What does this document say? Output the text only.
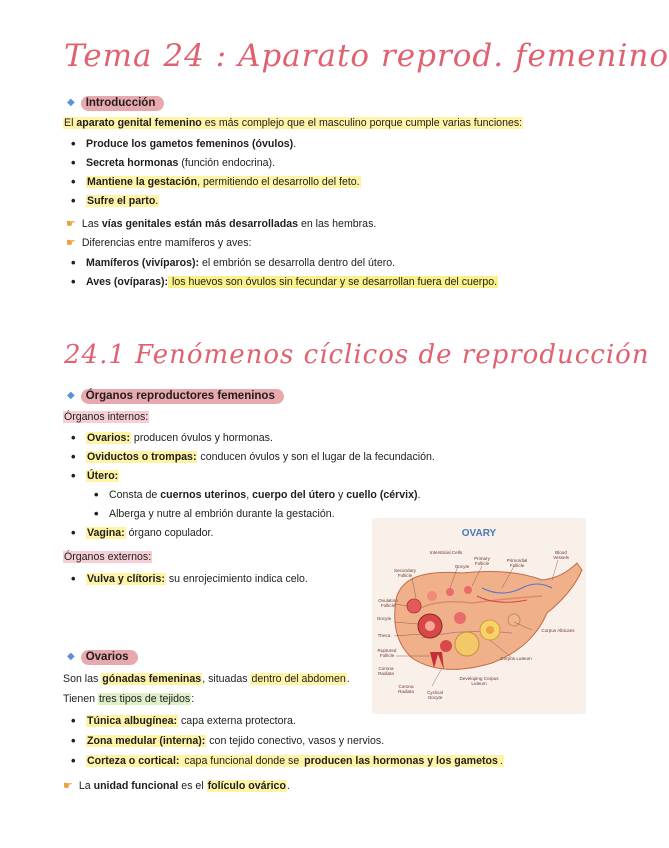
Tema 24 : Aparato reprod. femenino
◆ Introducción
El aparato genital femenino es más complejo que el masculino porque cumple varias funciones:
• Produce los gametos femeninos (óvulos).
• Secreta hormonas (función endocrina).
• Mantiene la gestación, permitiendo el desarrollo del feto.
• Sufre el parto.
☛ Las vías genitales están más desarrolladas en las hembras.
☛ Diferencias entre mamíferos y aves:
• Mamíferos (vivíparos): el embrión se desarrolla dentro del útero.
• Aves (ovíparas): los huevos son óvulos sin fecundar y se desarrollan fuera del cuerpo.
24.1 Fenómenos cíclicos de reproducción
◆ Órganos reproductores femeninos
Órganos internos:
• Ovarios: producen óvulos y hormonas.
• Oviductos o trompas: conducen óvulos y son el lugar de la fecundación.
• Útero:
• Consta de cuernos uterinos, cuerpo del útero y cuello (cérvix).
• Alberga y nutre al embrión durante la gestación.
• Vagina: órgano copulador.
Órganos externos:
• Vulva y clítoris: su enrojecimiento indica celo.
OVARY
Intersticial Cells
Oocyte
Primary Follicle
Primordial Follicle
Blood Vessels
Secondary Follicle
Ovulation Follicle
Oocyte
Theca
Ruptured Follicle
Corpus Albicans
Corpus Luteum
Developing Corpus Luteum
Corona Radiata	Cyclical Oocyte
Corona Radiata
◆ Ovarios
Son las gónadas femeninas, situadas dentro del abdomen.
Tienen tres tipos de tejidos:
• Túnica albugínea: capa externa protectora.
• Zona medular (interna): con tejido conectivo, vasos y nervios.
• Corteza o cortical: capa funcional donde se producen las hormonas y los gametos .
☛ La unidad funcional es el folículo ovárico.
